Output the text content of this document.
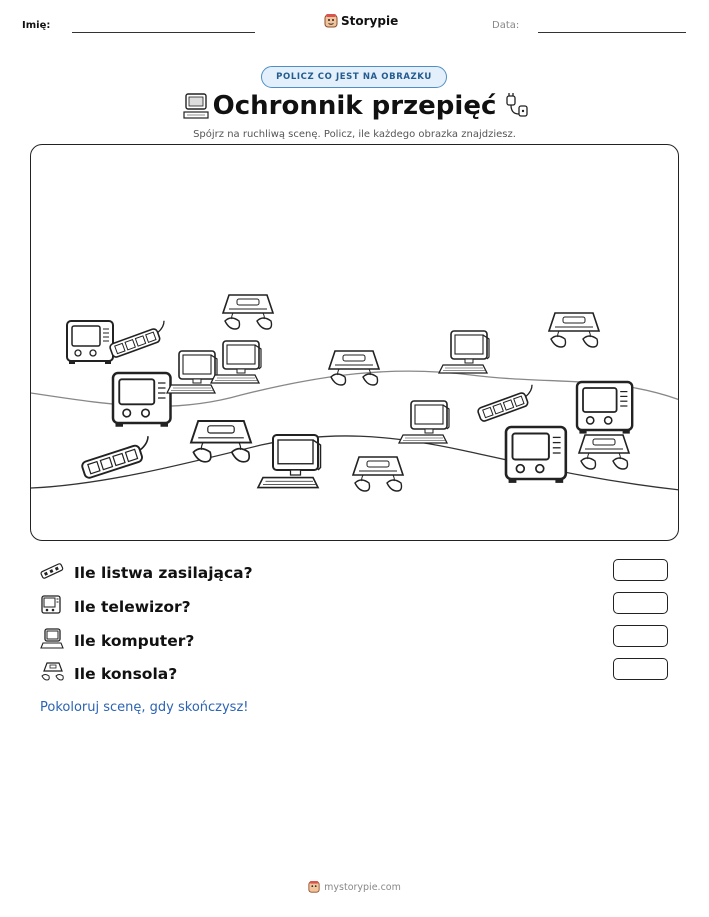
Imię:	Storypie	Data:
POLICZ CO JEST NA OBRAZKU
Ochronnik przepięć
Spójrz na ruchliwą scenę. Policz, ile każdego obrazka znajdziesz.
Ile listwa zasilająca?
Ile telewizor?
Ile komputer?
Ile konsola?
Pokoloruj scenę, gdy skończysz!
mystorypie.com
